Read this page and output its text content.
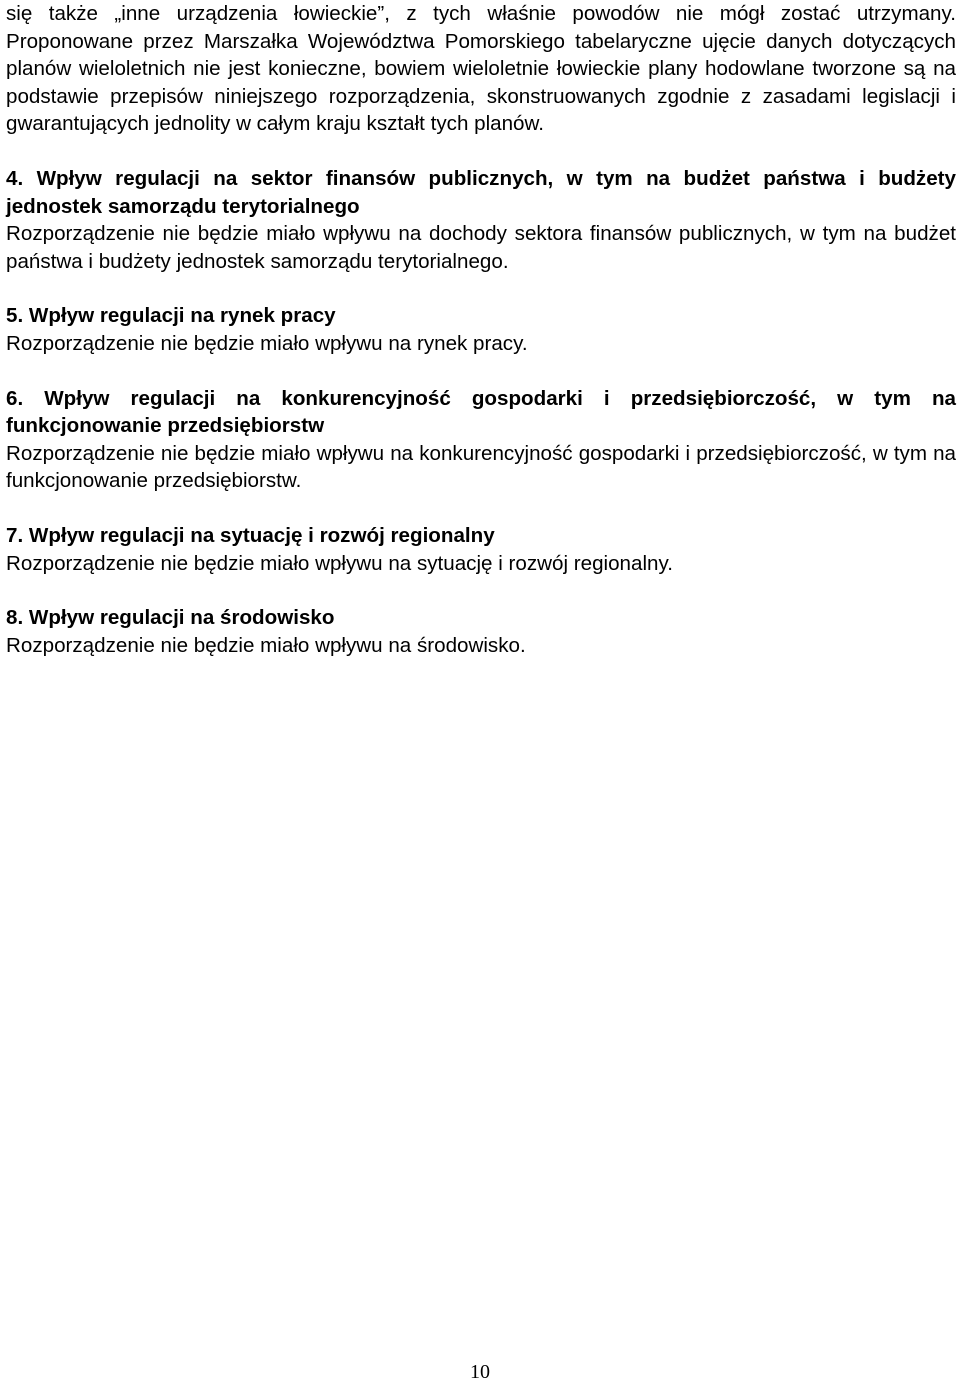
się także „inne urządzenia łowieckie”, z tych właśnie powodów nie mógł zostać utrzymany. Proponowane przez Marszałka Województwa Pomorskiego tabelaryczne ujęcie danych dotyczących planów wieloletnich nie jest konieczne, bowiem wieloletnie łowieckie plany hodowlane tworzone są na podstawie przepisów niniejszego rozporządzenia, skonstruowanych zgodnie z zasadami legislacji i gwarantujących jednolity w całym kraju kształt tych planów.

4. Wpływ regulacji na sektor finansów publicznych, w tym na budżet państwa i budżety jednostek samorządu terytorialnego

Rozporządzenie nie będzie miało wpływu na dochody sektora finansów publicznych, w tym na budżet państwa i budżety jednostek samorządu terytorialnego.

5. Wpływ regulacji na rynek pracy

Rozporządzenie nie będzie miało wpływu na rynek pracy.

6. Wpływ regulacji na konkurencyjność gospodarki i przedsiębiorczość, w tym na funkcjonowanie przedsiębiorstw

Rozporządzenie nie będzie miało wpływu na konkurencyjność gospodarki i przedsiębiorczość, w tym na funkcjonowanie przedsiębiorstw.

7. Wpływ regulacji na sytuację i rozwój regionalny

Rozporządzenie nie będzie miało wpływu na sytuację i rozwój regionalny.

8. Wpływ regulacji na środowisko

Rozporządzenie nie będzie miało wpływu na środowisko.

10
